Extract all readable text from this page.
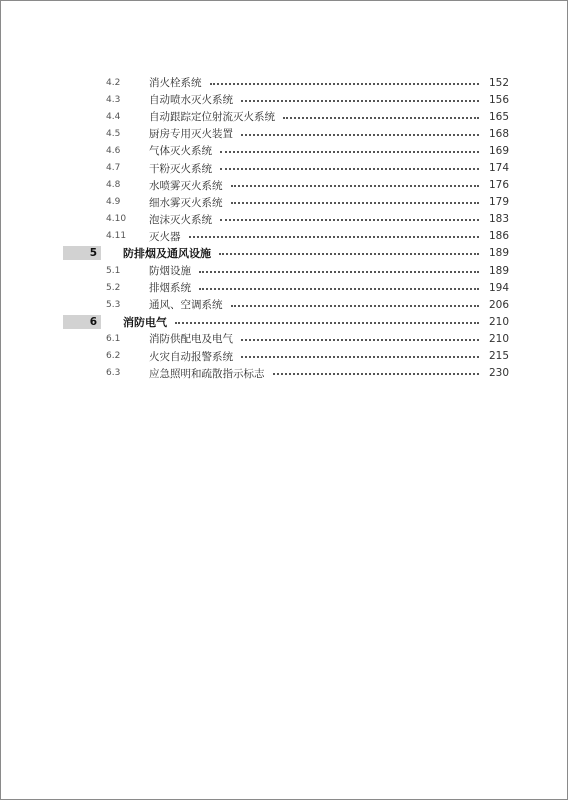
4.2	消火栓系统	152
4.3	自动喷水灭火系统	156
4.4	自动跟踪定位射流灭火系统	165
4.5	厨房专用灭火装置	168
4.6	气体灭火系统	169
4.7	干粉灭火系统	174
4.8	水喷雾灭火系统	176
4.9	细水雾灭火系统	179
4.10	泡沫灭火系统	183
4.11	灭火器	186
5	防排烟及通风设施	189
5.1	防烟设施	189
5.2	排烟系统	194
5.3	通风、空调系统	206
6	消防电气	210
6.1	消防供配电及电气	210
6.2	火灾自动报警系统	215
6.3	应急照明和疏散指示标志	230
